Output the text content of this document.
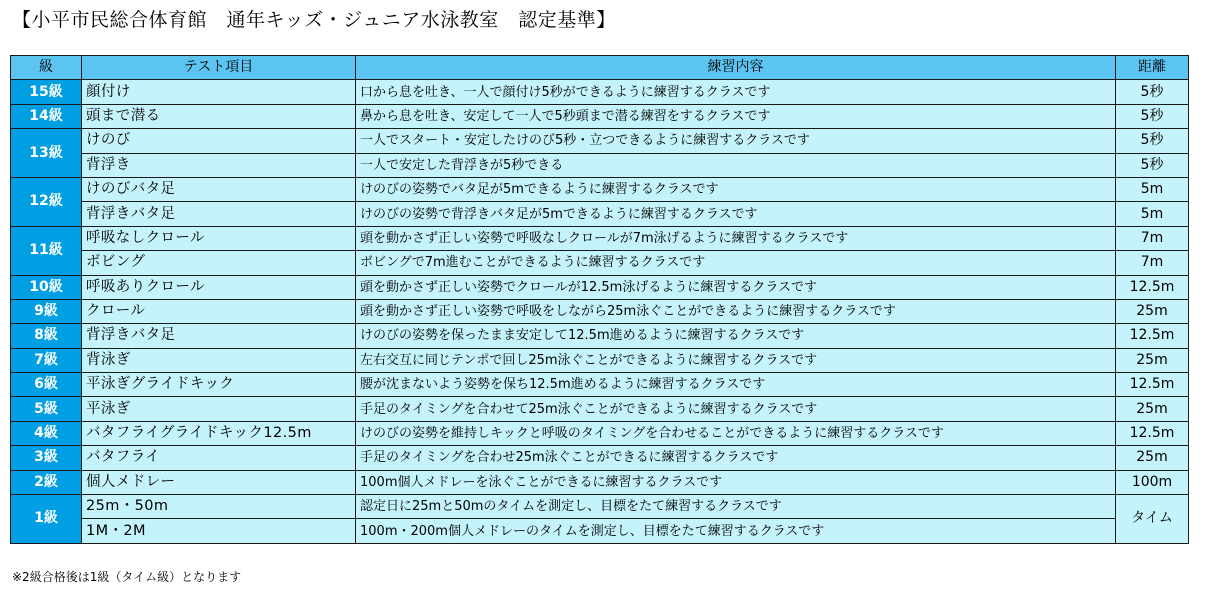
【小平市民総合体育館　通年キッズ・ジュニア水泳教室　認定基準】
級	テスト項目	練習内容	距離
15級	顔付け	口から息を吐き、一人で顔付け5秒ができるように練習するクラスです	5秒
14級	頭まで潜る	鼻から息を吐き、安定して一人で5秒頭まで潜る練習をするクラスです	5秒
13級	けのび	一人でスタート・安定したけのび5秒・立つできるように練習するクラスです	5秒
	背浮き	一人で安定した背浮きが5秒できる	5秒
12級	けのびバタ足	けのびの姿勢でバタ足が5mできるように練習するクラスです	5m
	背浮きバタ足	けのびの姿勢で背浮きバタ足が5mできるように練習するクラスです	5m
11級	呼吸なしクロール	頭を動かさず正しい姿勢で呼吸なしクロールが7m泳げるように練習するクラスです	7m
	ボビング	ボビングで7m進むことができるように練習するクラスです	7m
10級	呼吸ありクロール	頭を動かさず正しい姿勢でクロールが12.5m泳げるように練習するクラスです	12.5m
9級	クロール	頭を動かさず正しい姿勢で呼吸をしながら25m泳ぐことができるように練習するクラスです	25m
8級	背浮きバタ足	けのびの姿勢を保ったまま安定して12.5m進めるように練習するクラスです	12.5m
7級	背泳ぎ	左右交互に同じテンポで回し25m泳ぐことができるように練習するクラスです	25m
6級	平泳ぎグライドキック	腰が沈まないよう姿勢を保ち12.5m進めるように練習するクラスです	12.5m
5級	平泳ぎ	手足のタイミングを合わせて25m泳ぐことができるように練習するクラスです	25m
4級	バタフライグライドキック12.5m	けのびの姿勢を維持しキックと呼吸のタイミングを合わせることができるように練習するクラスです	12.5m
3級	バタフライ	手足のタイミングを合わせ25m泳ぐことができるに練習するクラスです	25m
2級	個人メドレー	100m個人メドレーを泳ぐことができるに練習するクラスです	100m
1級	25m・50m	認定日に25mと50mのタイムを測定し、目標をたて練習するクラスです	タイム
	1M・2M	100m・200m個人メドレーのタイムを測定し、目標をたて練習するクラスです	
※2級合格後は1級（タイム級）となります
